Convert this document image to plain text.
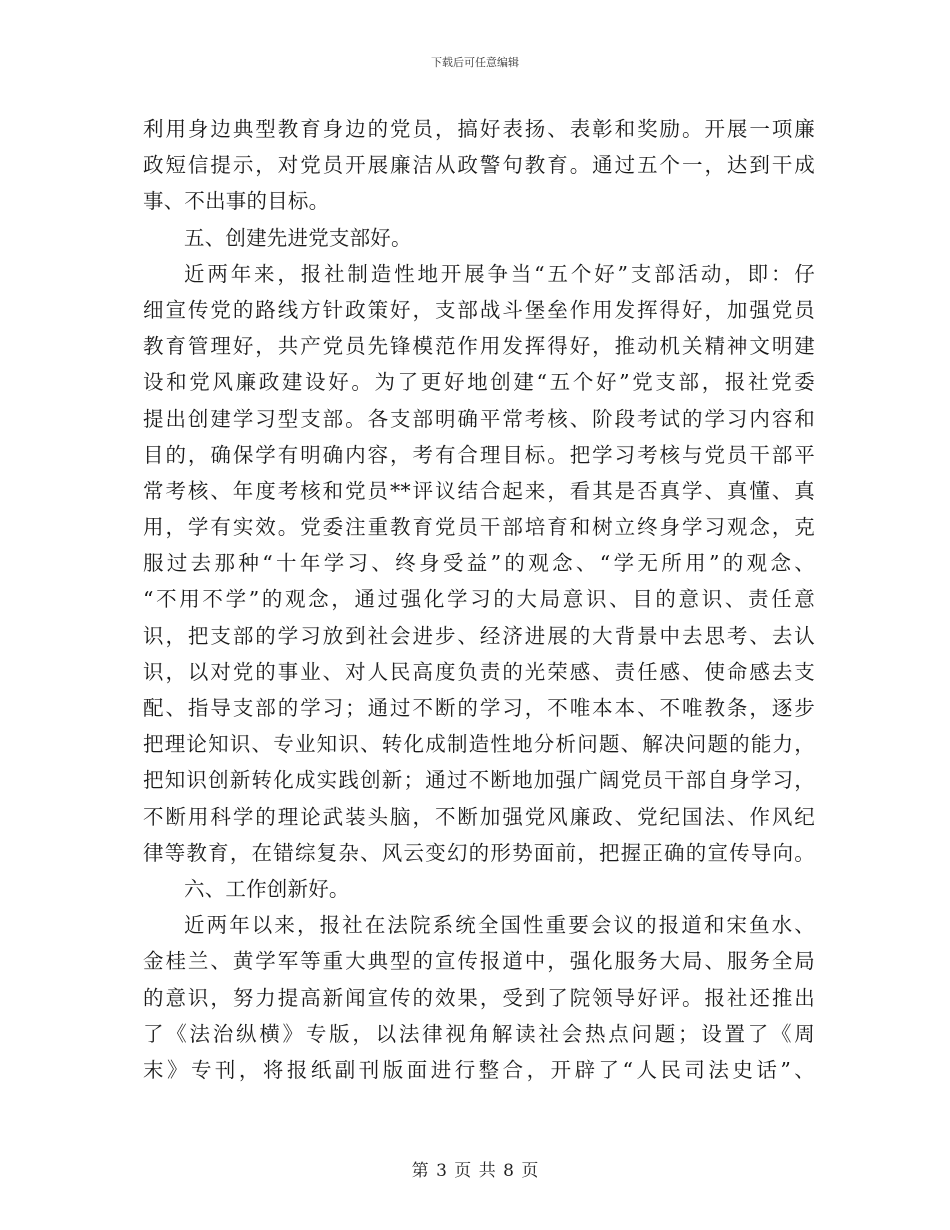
下载后可任意编辑
利用身边典型教育身边的党员，搞好表扬、表彰和奖励。开展一项廉
政短信提示，对党员开展廉洁从政警句教育。通过五个一，达到干成
事、不出事的目标。
五、创建先进党支部好。
近两年来，报社制造性地开展争当“五个好”支部活动，即：仔
细宣传党的路线方针政策好，支部战斗堡垒作用发挥得好，加强党员
教育管理好，共产党员先锋模范作用发挥得好，推动机关精神文明建
设和党风廉政建设好。为了更好地创建“五个好”党支部，报社党委
提出创建学习型支部。各支部明确平常考核、阶段考试的学习内容和
目的，确保学有明确内容，考有合理目标。把学习考核与党员干部平
常考核、年度考核和党员**评议结合起来，看其是否真学、真懂、真
用，学有实效。党委注重教育党员干部培育和树立终身学习观念，克
服过去那种“十年学习、终身受益”的观念、“学无所用”的观念、
“不用不学”的观念，通过强化学习的大局意识、目的意识、责任意
识，把支部的学习放到社会进步、经济进展的大背景中去思考、去认
识，以对党的事业、对人民高度负责的光荣感、责任感、使命感去支
配、指导支部的学习；通过不断的学习，不唯本本、不唯教条，逐步
把理论知识、专业知识、转化成制造性地分析问题、解决问题的能力，
把知识创新转化成实践创新；通过不断地加强广阔党员干部自身学习，
不断用科学的理论武装头脑，不断加强党风廉政、党纪国法、作风纪
律等教育，在错综复杂、风云变幻的形势面前，把握正确的宣传导向。
六、工作创新好。
近两年以来，报社在法院系统全国性重要会议的报道和宋鱼水、
金桂兰、黄学军等重大典型的宣传报道中，强化服务大局、服务全局
的意识，努力提高新闻宣传的效果，受到了院领导好评。报社还推出
了《法治纵横》专版，以法律视角解读社会热点问题；设置了《周
末》专刊，将报纸副刊版面进行整合，开辟了“人民司法史话”、
第 3 页 共 8 页
